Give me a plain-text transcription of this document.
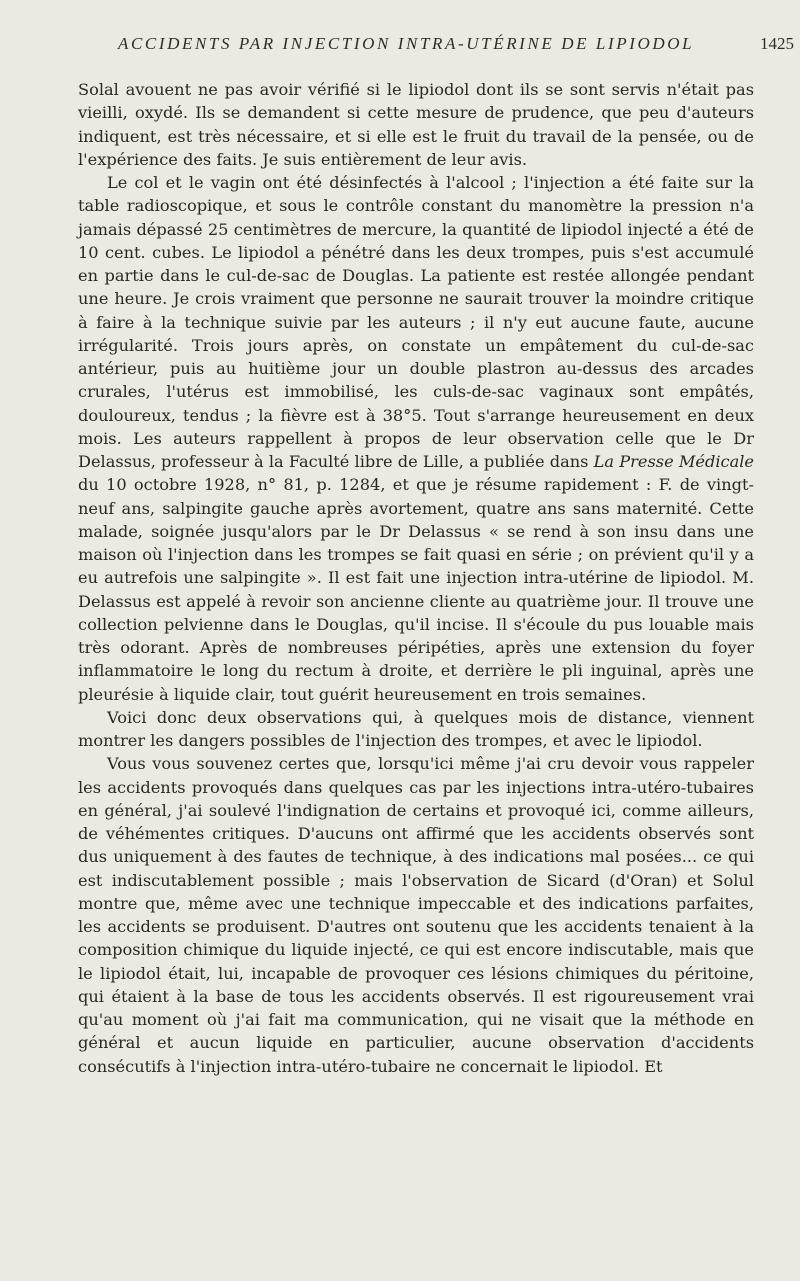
ACCIDENTS PAR INJECTION INTRA-UTÉRINE DE LIPIODOL	1425

Solal avouent ne pas avoir vérifié si le lipiodol dont ils se sont servis n'était pas vieilli, oxydé. Ils se demandent si cette mesure de prudence, que peu d'auteurs indiquent, est très nécessaire, et si elle est le fruit du travail de la pensée, ou de l'expérience des faits. Je suis entièrement de leur avis.

Le col et le vagin ont été désinfectés à l'alcool ; l'injection a été faite sur la table radioscopique, et sous le contrôle constant du manomètre la pression n'a jamais dépassé 25 centimètres de mercure, la quantité de lipiodol injecté a été de 10 cent. cubes. Le lipiodol a pénétré dans les deux trompes, puis s'est accumulé en partie dans le cul-de-sac de Douglas. La patiente est restée allongée pendant une heure. Je crois vraiment que personne ne saurait trouver la moindre critique à faire à la technique suivie par les auteurs ; il n'y eut aucune faute, aucune irrégularité. Trois jours après, on constate un empâtement du cul-de-sac antérieur, puis au huitième jour un double plastron au-dessus des arcades crurales, l'utérus est immobilisé, les culs-de-sac vaginaux sont empâtés, douloureux, tendus ; la fièvre est à 38°5. Tout s'arrange heureusement en deux mois. Les auteurs rappellent à propos de leur observation celle que le Dr Delassus, professeur à la Faculté libre de Lille, a publiée dans La Presse Médicale du 10 octobre 1928, n° 81, p. 1284, et que je résume rapidement : F. de vingt-neuf ans, salpingite gauche après avortement, quatre ans sans maternité. Cette malade, soignée jusqu'alors par le Dr Delassus « se rend à son insu dans une maison où l'injection dans les trompes se fait quasi en série ; on prévient qu'il y a eu autrefois une salpingite ». Il est fait une injection intra-utérine de lipiodol. M. Delassus est appelé à revoir son ancienne cliente au quatrième jour. Il trouve une collection pelvienne dans le Douglas, qu'il incise. Il s'écoule du pus louable mais très odorant. Après de nombreuses péripéties, après une extension du foyer inflammatoire le long du rectum à droite, et derrière le pli inguinal, après une pleurésie à liquide clair, tout guérit heureusement en trois semaines.

Voici donc deux observations qui, à quelques mois de distance, viennent montrer les dangers possibles de l'injection des trompes, et avec le lipiodol.

Vous vous souvenez certes que, lorsqu'ici même j'ai cru devoir vous rappeler les accidents provoqués dans quelques cas par les injections intra-utéro-tubaires en général, j'ai soulevé l'indignation de certains et provoqué ici, comme ailleurs, de véhémentes critiques. D'aucuns ont affirmé que les accidents observés sont dus uniquement à des fautes de technique, à des indications mal posées... ce qui est indiscutablement possible ; mais l'observation de Sicard (d'Oran) et Solul montre que, même avec une technique impeccable et des indications parfaites, les accidents se produisent. D'autres ont soutenu que les accidents tenaient à la composition chimique du liquide injecté, ce qui est encore indiscutable, mais que le lipiodol était, lui, incapable de provoquer ces lésions chimiques du péritoine, qui étaient à la base de tous les accidents observés. Il est rigoureusement vrai qu'au moment où j'ai fait ma communication, qui ne visait que la méthode en général et aucun liquide en particulier, aucune observation d'accidents consécutifs à l'injection intra-utéro-tubaire ne concernait le lipiodol. Et
